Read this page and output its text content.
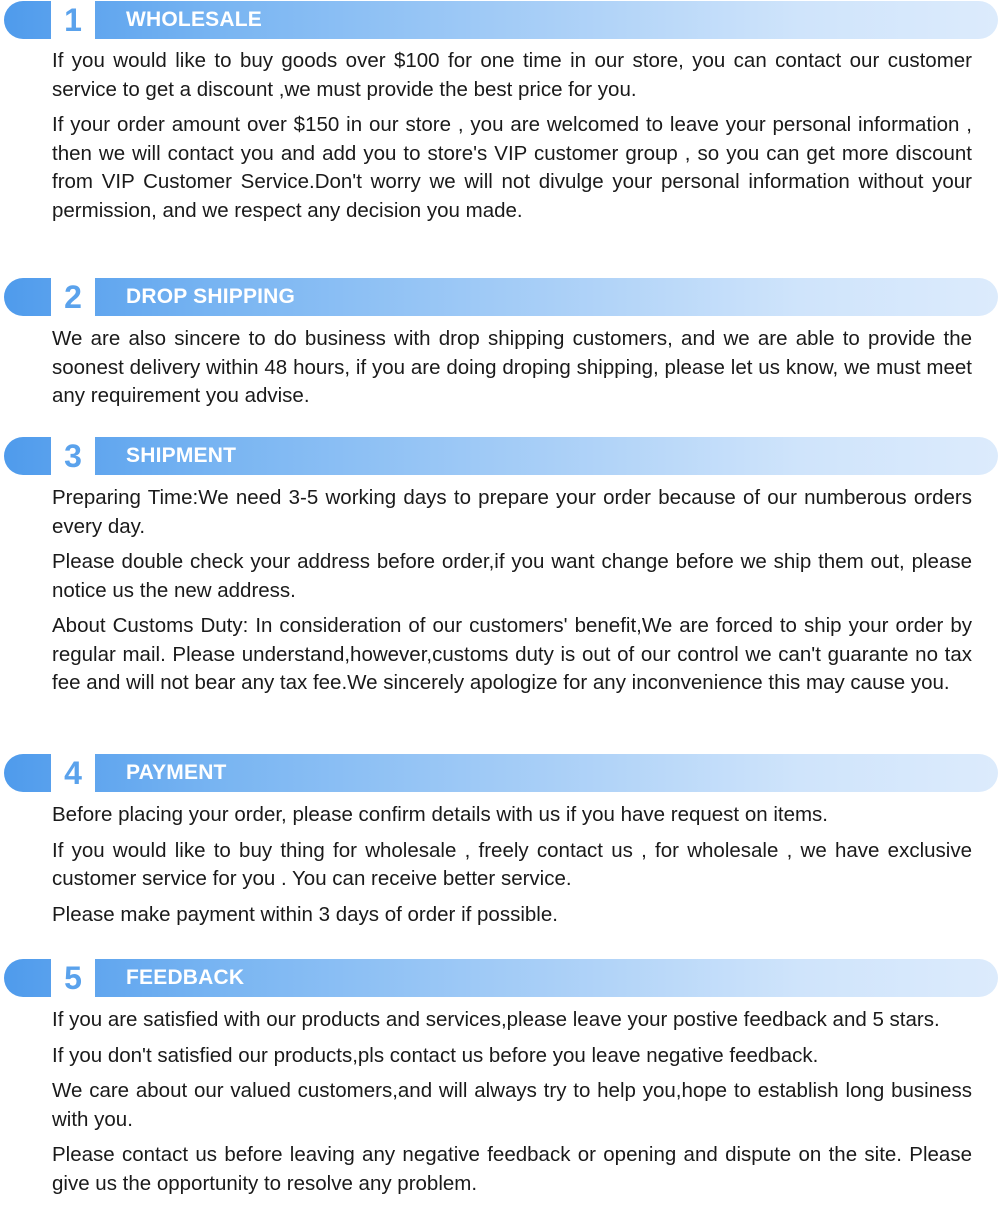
1 WHOLESALE

If you would like to buy goods over $100 for one time in our store, you can contact our customer service to get a discount ,we must provide the best price for you.

If your order amount over $150 in our store , you are welcomed to leave your personal information , then we will contact you and add you to store's VIP customer group , so you can get more discount from VIP Customer Service.Don't worry we will not divulge your personal information without your permission, and we respect any decision you made.

2 DROP SHIPPING

We are also sincere to do business with drop shipping customers, and we are able to provide the soonest delivery within 48 hours, if you are doing droping shipping, please let us know, we must meet any requirement you advise.

3 SHIPMENT

Preparing Time:We need 3-5 working days to prepare your order because of our numberous orders every day.

Please double check your address before order,if you want change before we ship them out, please notice us the new address.

About Customs Duty: In consideration of our customers' benefit,We are forced to ship your order by regular mail. Please understand,however,customs duty is out of our control we can't guarante no tax fee and will not bear any tax fee.We sincerely apologize for any inconvenience this may cause you.

4 PAYMENT

Before placing your order, please confirm details with us if you have request on items.

If you would like to buy thing for wholesale , freely contact us , for wholesale , we have exclusive customer service for you . You can receive better service.

Please make payment within 3 days of order if possible.

5 FEEDBACK

If you are satisfied with our products and services,please leave your postive feedback and 5 stars.

If you don't satisfied our products,pls contact us before you leave negative feedback.

We care about our valued customers,and will always try to help you,hope to establish long business with you.

Please contact us before leaving any negative feedback or opening and dispute on the site. Please give us the opportunity to resolve any problem.
